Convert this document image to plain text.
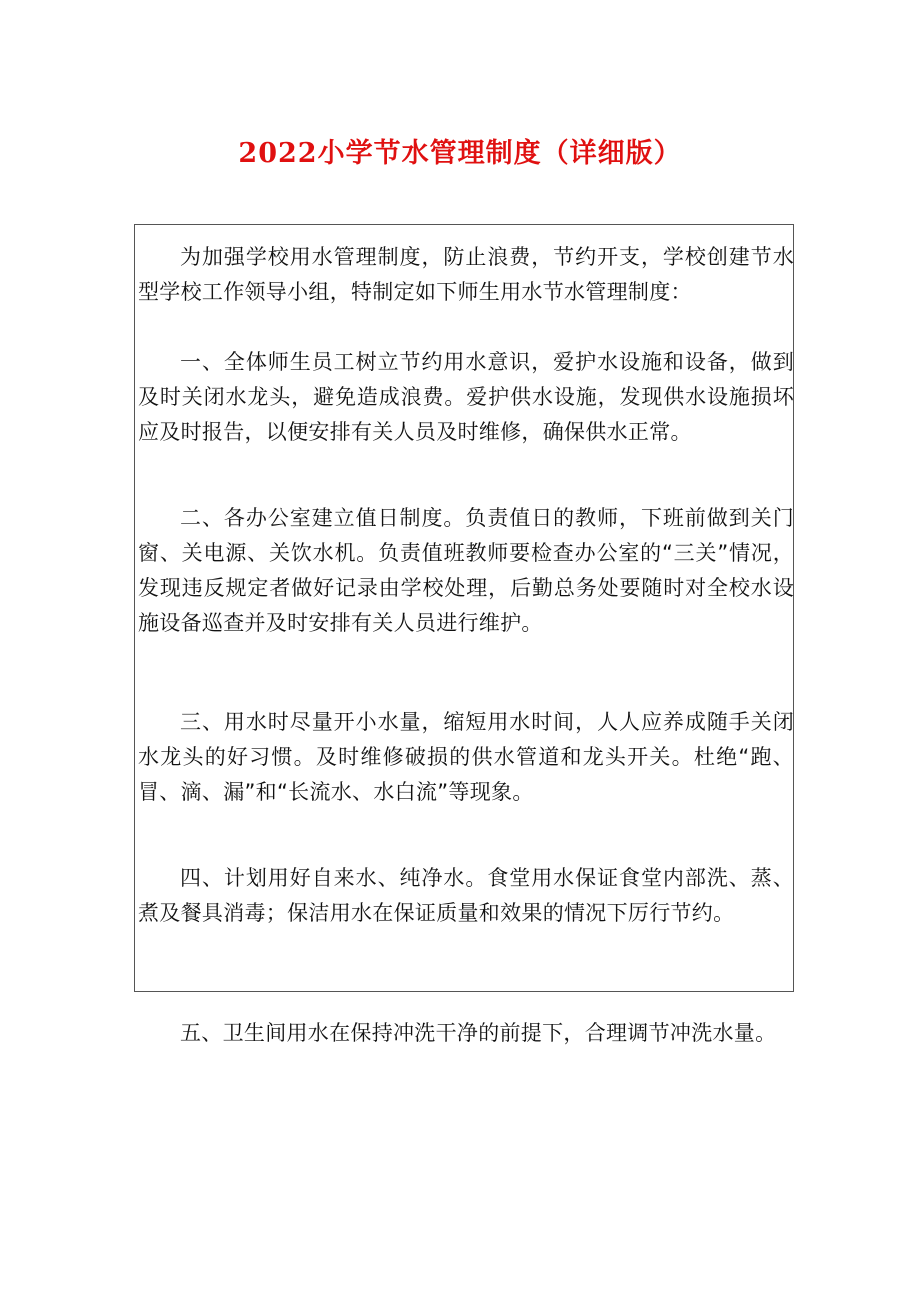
2022小学节水管理制度（详细版）

为加强学校用水管理制度，防止浪费，节约开支，学校创建节水型学校工作领导小组，特制定如下师生用水节水管理制度：

一、全体师生员工树立节约用水意识，爱护水设施和设备，做到及时关闭水龙头，避免造成浪费。爱护供水设施，发现供水设施损坏应及时报告，以便安排有关人员及时维修，确保供水正常。

二、各办公室建立值日制度。负责值日的教师，下班前做到关门窗、关电源、关饮水机。负责值班教师要检查办公室的“三关”情况，发现违反规定者做好记录由学校处理，后勤总务处要随时对全校水设施设备巡查并及时安排有关人员进行维护。

三、用水时尽量开小水量，缩短用水时间，人人应养成随手关闭水龙头的好习惯。及时维修破损的供水管道和龙头开关。杜绝“跑、冒、滴、漏”和“长流水、水白流”等现象。

四、计划用好自来水、纯净水。食堂用水保证食堂内部洗、蒸、煮及餐具消毒；保洁用水在保证质量和效果的情况下厉行节约。

五、卫生间用水在保持冲洗干净的前提下，合理调节冲洗水量。
